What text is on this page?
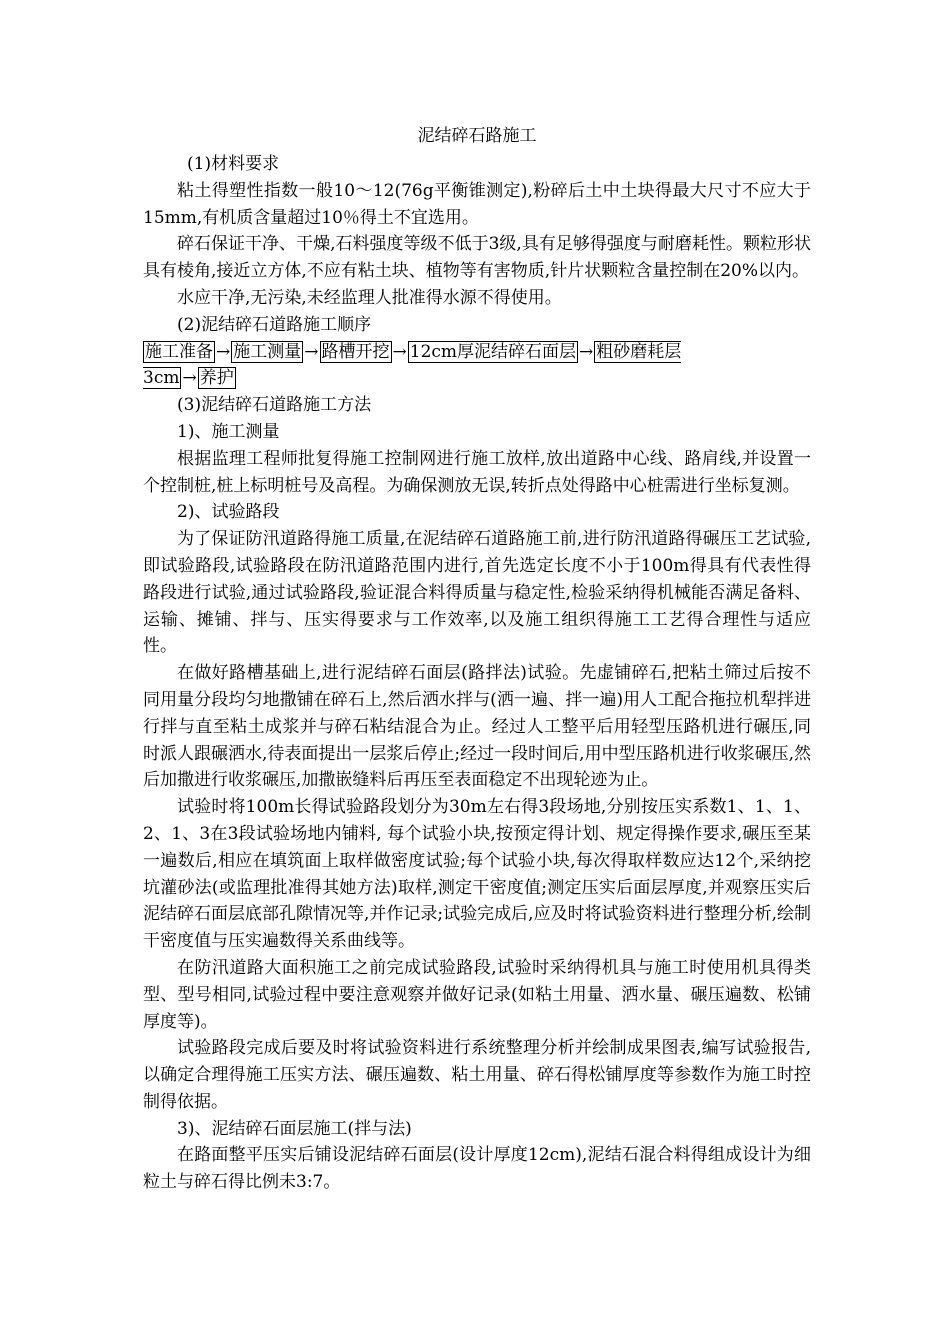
泥结碎石路施工

(1)材料要求

粘土得塑性指数一般10～12(76g平衡锥测定),粉碎后土中土块得最大尺寸不应大于15mm,有机质含量超过10％得土不宜选用。

碎石保证干净、干燥,石料强度等级不低于3级,具有足够得强度与耐磨耗性。颗粒形状具有棱角,接近立方体,不应有粘土块、植物等有害物质,针片状颗粒含量控制在20%以内。

水应干净,无污染,未经监理人批准得水源不得使用。

(2)泥结碎石道路施工顺序

施工准备 → 施工测量 → 路槽开挖 → 12cm厚泥结碎石面层 → 粗砂磨耗层
3cm → 养护

(3)泥结碎石道路施工方法

1)、施工测量

根据监理工程师批复得施工控制网进行施工放样,放出道路中心线、路肩线,并设置一个控制桩,桩上标明桩号及高程。为确保测放无误,转折点处得路中心桩需进行坐标复测。

2)、试验路段

为了保证防汛道路得施工质量,在泥结碎石道路施工前,进行防汛道路得碾压工艺试验,即试验路段,试验路段在防汛道路范围内进行,首先选定长度不小于100m得具有代表性得路段进行试验,通过试验路段,验证混合料得质量与稳定性,检验采纳得机械能否满足备料、运输、摊铺、拌与、压实得要求与工作效率,以及施工组织得施工工艺得合理性与适应性。

在做好路槽基础上,进行泥结碎石面层(路拌法)试验。先虚铺碎石,把粘土筛过后按不同用量分段均匀地撒铺在碎石上,然后洒水拌与(洒一遍、拌一遍)用人工配合拖拉机犁拌进行拌与直至粘土成浆并与碎石粘结混合为止。经过人工整平后用轻型压路机进行碾压,同时派人跟碾洒水,待表面提出一层浆后停止;经过一段时间后,用中型压路机进行收浆碾压,然后加撒进行收浆碾压,加撒嵌缝料后再压至表面稳定不出现轮迹为止。

试验时将100m长得试验路段划分为30m左右得3段场地,分别按压实系数1、1、1、2、1、3在3段试验场地内铺料, 每个试验小块,按预定得计划、规定得操作要求,碾压至某一遍数后,相应在填筑面上取样做密度试验;每个试验小块,每次得取样数应达12个,采纳挖坑灌砂法(或监理批准得其她方法)取样,测定干密度值;测定压实后面层厚度,并观察压实后泥结碎石面层底部孔隙情况等,并作记录;试验完成后,应及时将试验资料进行整理分析,绘制干密度值与压实遍数得关系曲线等。

在防汛道路大面积施工之前完成试验路段,试验时采纳得机具与施工时使用机具得类型、型号相同,试验过程中要注意观察并做好记录(如粘土用量、洒水量、碾压遍数、松铺厚度等)。

试验路段完成后要及时将试验资料进行系统整理分析并绘制成果图表,编写试验报告,以确定合理得施工压实方法、碾压遍数、粘土用量、碎石得松铺厚度等参数作为施工时控制得依据。

3)、泥结碎石面层施工(拌与法)

在路面整平压实后铺设泥结碎石面层(设计厚度12cm),泥结石混合料得组成设计为细粒土与碎石得比例未3:7。
